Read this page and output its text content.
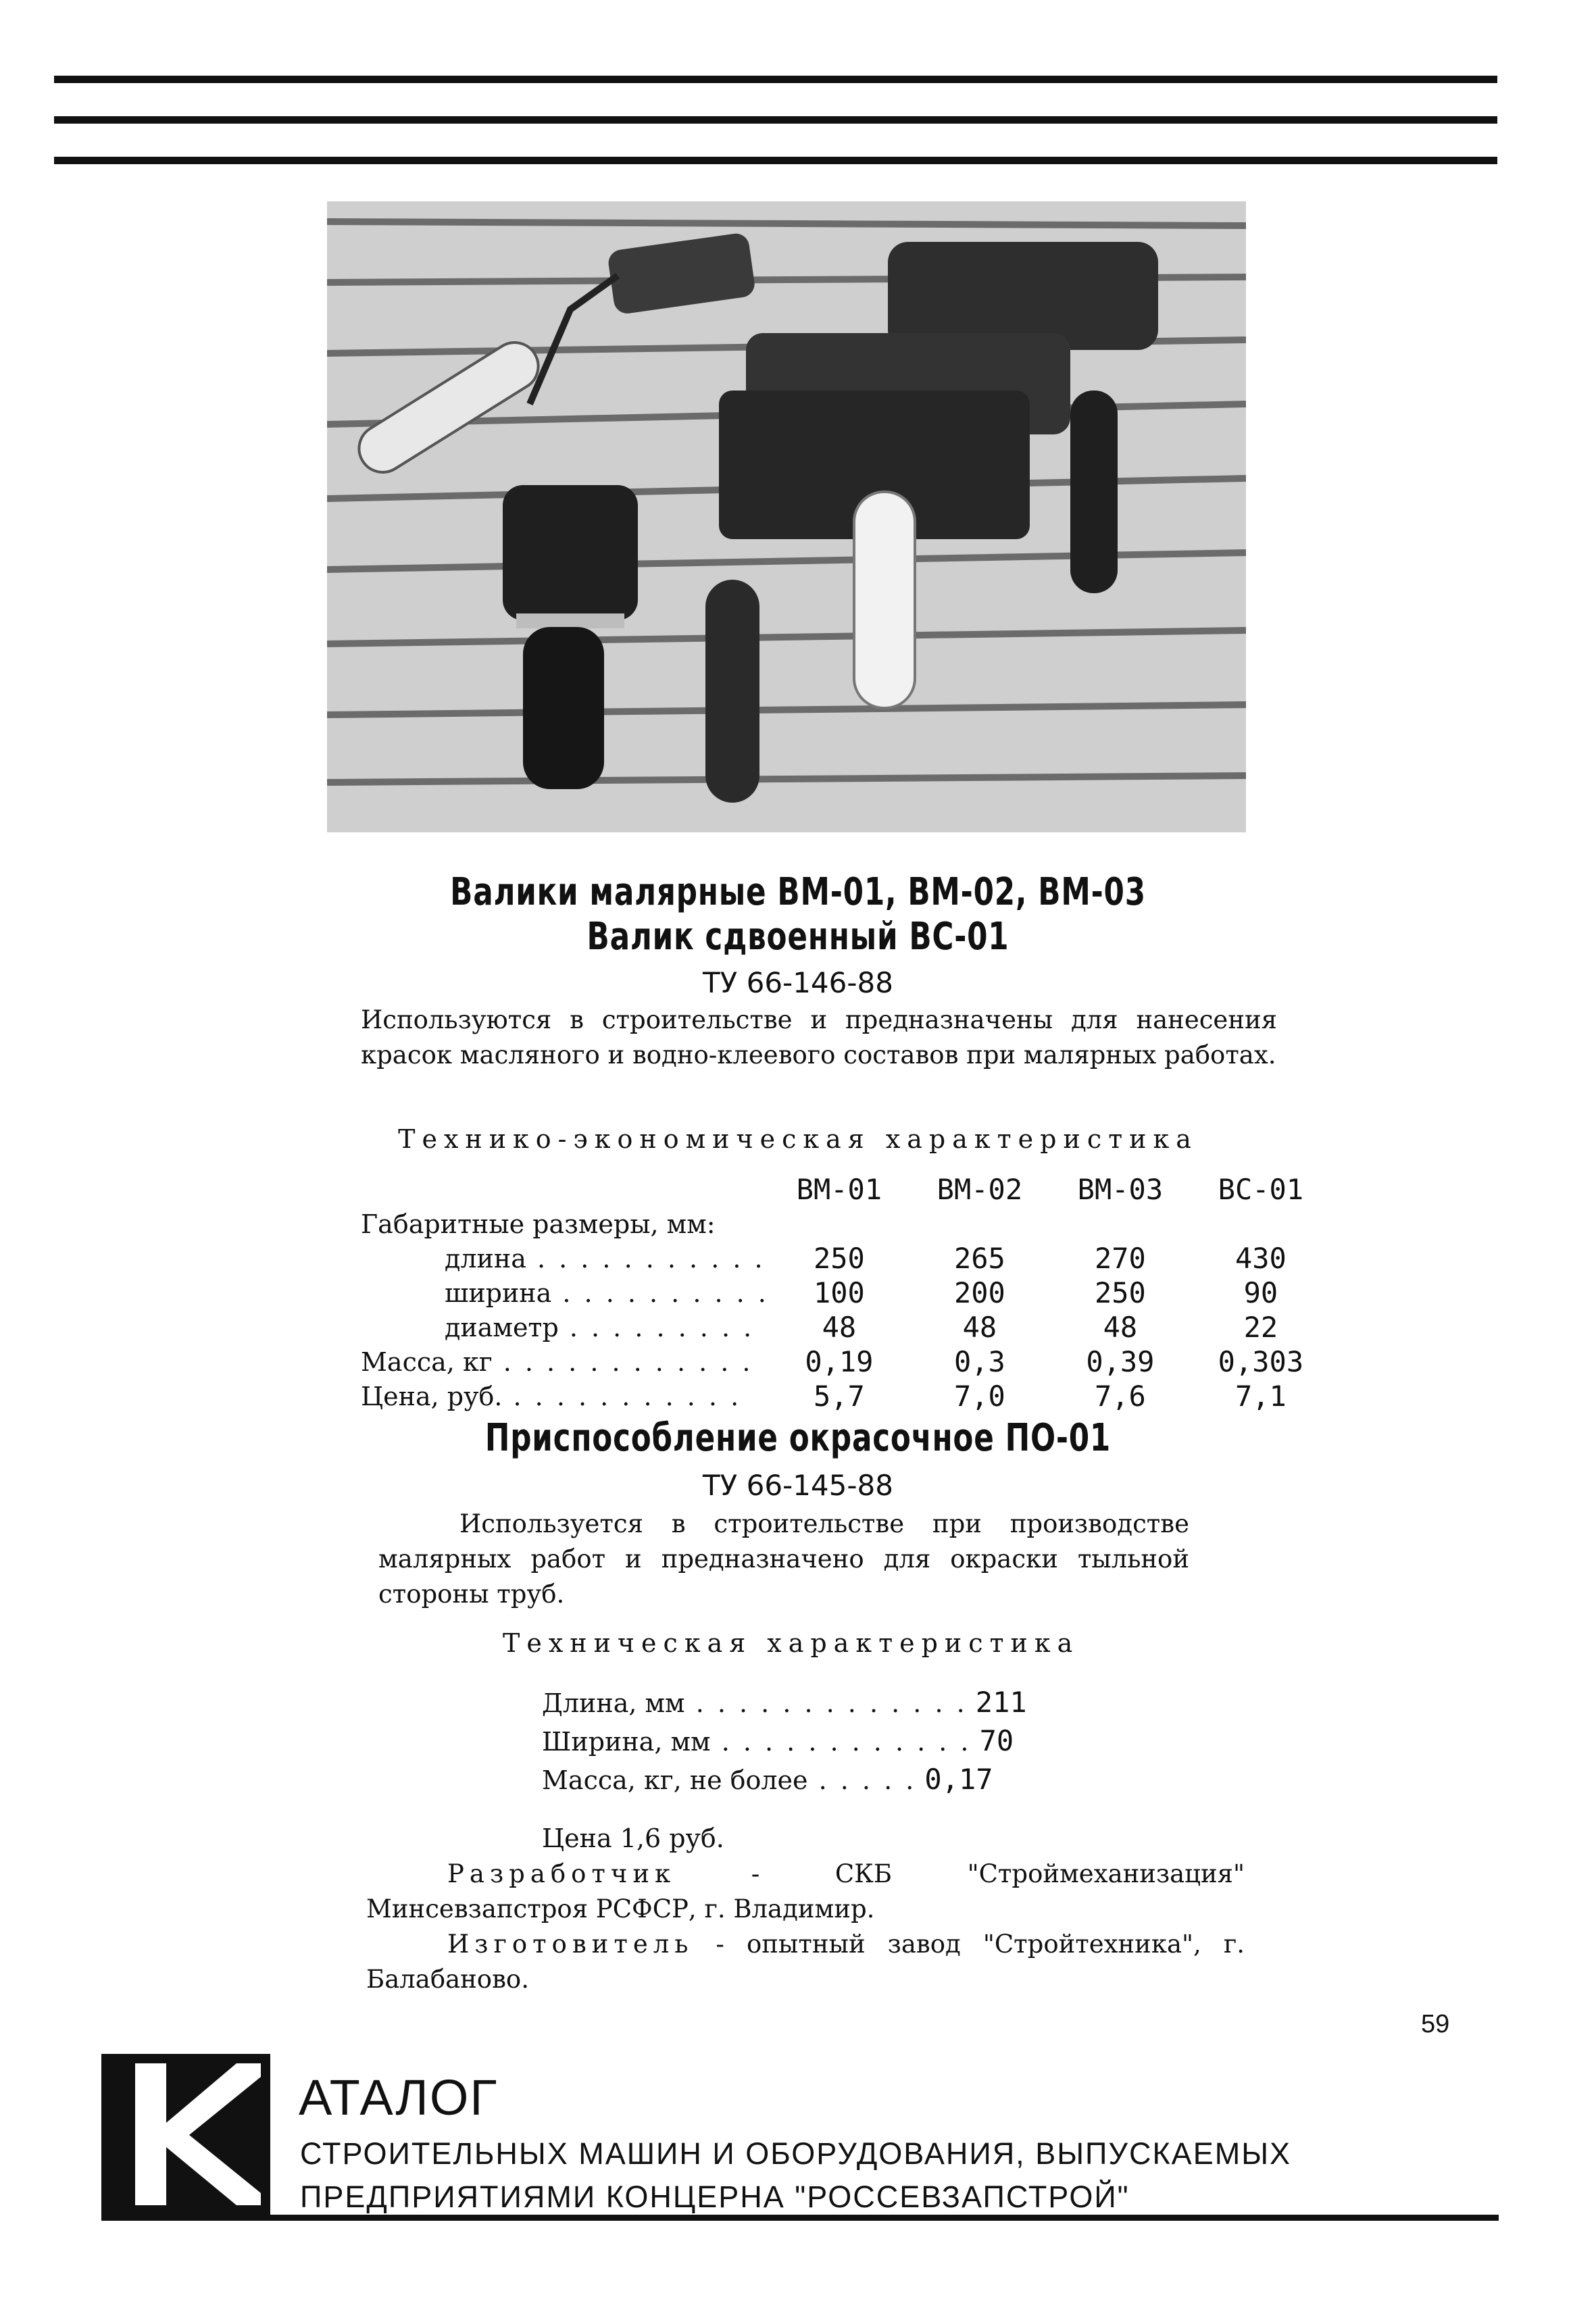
Валики малярные ВМ-01, ВМ-02, ВМ-03
Валик сдвоенный ВС-01
ТУ 66-146-88
Используются в строительстве и предназначены для нанесения красок масляного и водно-клеевого составов при малярных работах.
Технико-экономическая характеристика
	ВМ-01	ВМ-02	ВМ-03	ВС-01
Габаритные размеры, мм:				
длина . . . . . . . . . . .	250	265	270	430
ширина . . . . . . . . . .	100	200	250	90
диаметр . . . . . . . . .	48	48	48	22
Масса, кг . . . . . . . . . . . .	0,19	0,3	0,39	0,303
Цена, руб. . . . . . . . . . . .	5,7	7,0	7,6	7,1
Приспособление окрасочное ПО-01
ТУ 66-145-88
Используется в строительстве при производстве малярных работ и предназначено для окраски тыльной стороны труб.
Техническая характеристика
Длина, мм . . . . . . . . . . . . . 211
Ширина, мм . . . . . . . . . . . . 70
Масса, кг, не более . . . . . 0,17
Цена 1,6 руб.
Разработчик	- СКБ "Строймеханизация" Минсевзапстроя РСФСР, г. Владимир.
Изготовитель - опытный завод "Стройтехника", г. Балабаново.
59
АТАЛОГ
СТРОИТЕЛЬНЫХ МАШИН И ОБОРУДОВАНИЯ, ВЫПУСКАЕМЫХ
ПРЕДПРИЯТИЯМИ КОНЦЕРНА "РОССЕВЗАПСТРОЙ"
